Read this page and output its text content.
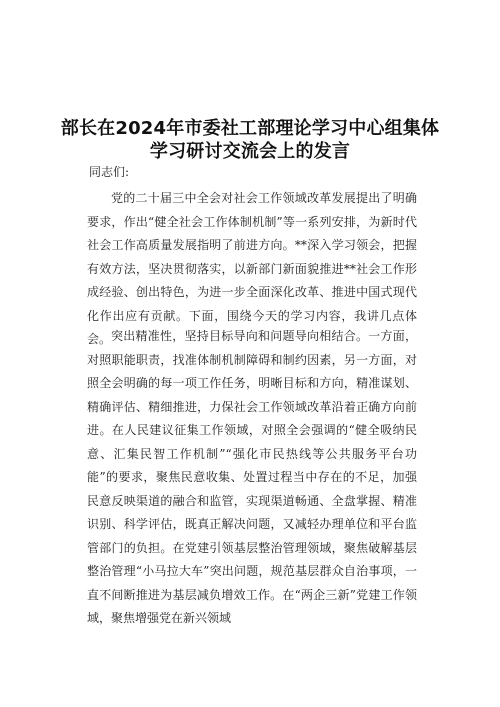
部长在2024年市委社工部理论学习中心组集体
学习研讨交流会上的发言

同志们:

党的二十届三中全会对社会工作领域改革发展提出了明确要求，作出“健全社会工作体制机制”等一系列安排，为新时代社会工作高质量发展指明了前进方向。**深入学习领会，把握有效方法，坚决贯彻落实，以新部门新面貌推进**社会工作形成经验、创出特色，为进一步全面深化改革、推进中国式现代化作出应有贡献。下面，围绕今天的学习内容，我讲几点体会。 突出精准性，坚持目标导向和问题导向相结合。一方面，对照职能职责，找准体制机制障碍和制约因素，另一方面，对照全会明确的每一项工作任务，明晰目标和方向，精准谋划、精确评估、精细推进，力保社会工作领域改革沿着正确方向前进。在人民建议征集工作领域，对照全会强调的“健全吸纳民意、汇集民智工作机制”“强化市民热线等公共服务平台功能”的要求，聚焦民意收集、处置过程当中存在的不足，加强民意反映渠道的融合和监管，实现渠道畅通、全盘掌握、精准识别、科学评估，既真正解决问题，又减轻办理单位和平台监管部门的负担。在党建引领基层整治管理领域，聚焦破解基层整治管理“小马拉大车”突出问题，规范基层群众自治事项，一直不间断推进为基层减负增效工作。在“两企三新”党建工作领域，聚焦增强党在新兴领域
